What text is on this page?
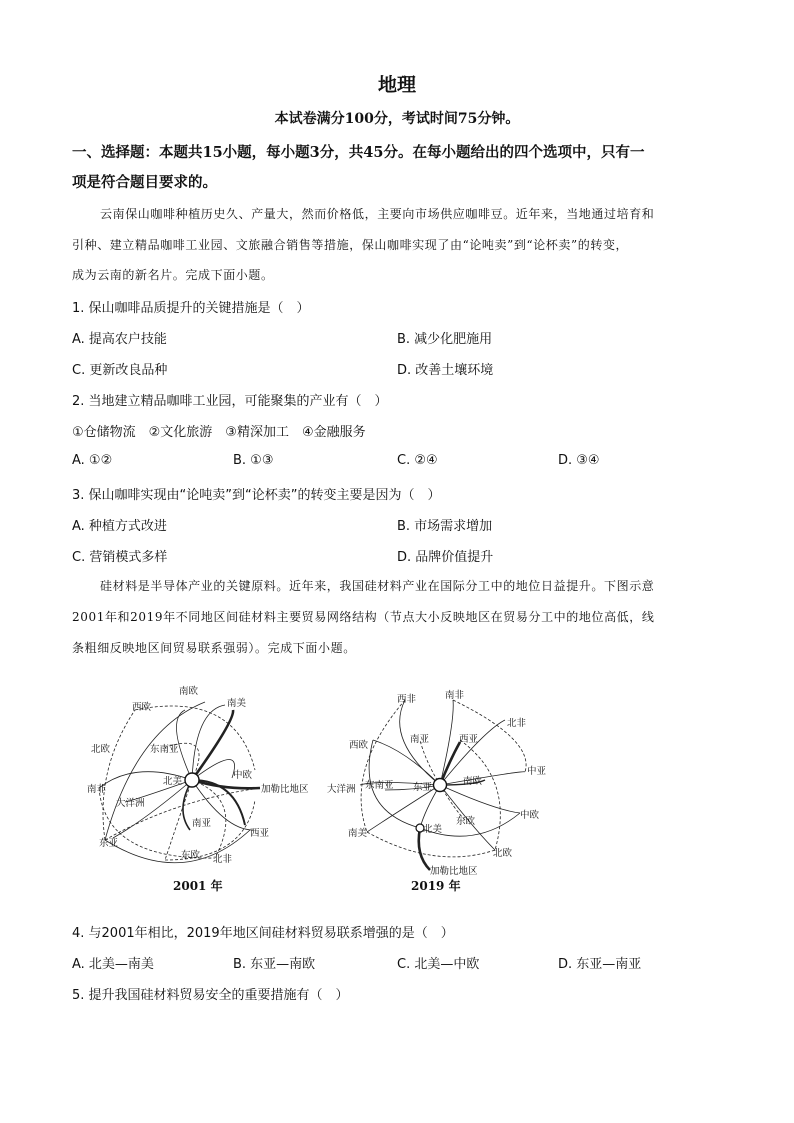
地理
本试卷满分100分，考试时间75分钟。
一、选择题：本题共15小题，每小题3分，共45分。在每小题给出的四个选项中，只有一
项是符合题目要求的。
云南保山咖啡种植历史久、产量大，然而价格低，主要向市场供应咖啡豆。近年来，当地通过培育和
引种、建立精品咖啡工业园、文旅融合销售等措施，保山咖啡实现了由“论吨卖”到“论杯卖”的转变，
成为云南的新名片。完成下面小题。
1. 保山咖啡品质提升的关键措施是（　）
A. 提高农户技能	B. 减少化肥施用
C. 更新改良品种	D. 改善土壤环境
2. 当地建立精品咖啡工业园，可能聚集的产业有（　）
①仓储物流　②文化旅游　③精深加工　④金融服务
A. ①②	B. ①③	C. ②④	D. ③④
3. 保山咖啡实现由“论吨卖”到“论杯卖”的转变主要是因为（　）
A. 种植方式改进	B. 市场需求增加
C. 营销模式多样	D. 品牌价值提升
硅材料是半导体产业的关键原料。近年来，我国硅材料产业在国际分工中的地位日益提升。下图示意
2001年和2019年不同地区间硅材料主要贸易网络结构（节点大小反映地区在贸易分工中的地位高低，线
条粗细反映地区间贸易联系强弱）。完成下面小题。
南欧
南美
西欧
东南亚
北欧
北美
中欧
南非	加勒比地区
大洋洲
南亚
西亚
东亚
东欧 北非
2001 年
西非	南非
北非
西欧
南亚	西亚
中亚
大洋洲 东南亚 东亚
南欧
中欧
东欧
南美	北美
北欧
加勒比地区
2019 年
4. 与2001年相比，2019年地区间硅材料贸易联系增强的是（　）
A. 北美—南美	B. 东亚—南欧	C. 北美—中欧	D. 东亚—南亚
5. 提升我国硅材料贸易安全的重要措施有（　）
